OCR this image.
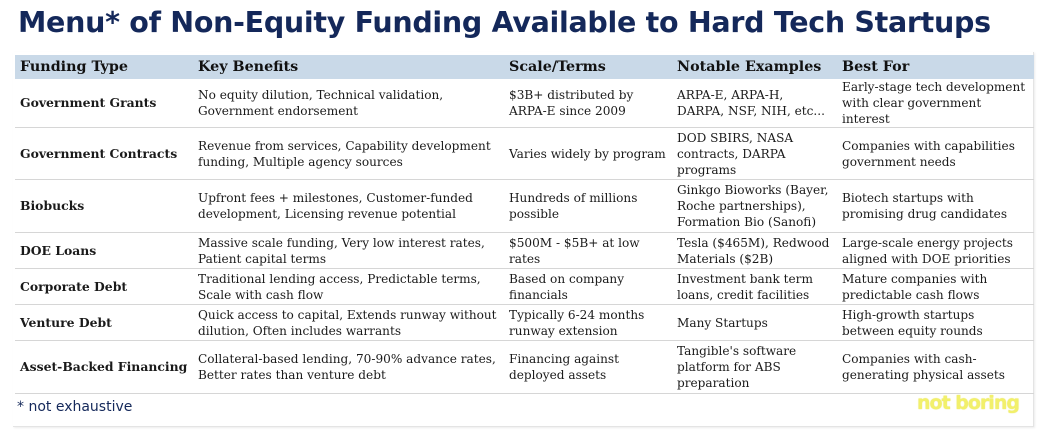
Menu* of Non-Equity Funding Available to Hard Tech Startups
Funding Type	Key Benefits	Scale/Terms	Notable Examples	Best For
Government Grants	No equity dilution, Technical validation, Government endorsement	$3B+ distributed by ARPA-E since 2009	ARPA-E, ARPA-H, DARPA, NSF, NIH, etc...	Early-stage tech development with clear government interest
Government Contracts	Revenue from services, Capability development funding, Multiple agency sources	Varies widely by program	DOD SBIRS, NASA contracts, DARPA programs	Companies with capabilities government needs
Biobucks	Upfront fees + milestones, Customer-funded development, Licensing revenue potential	Hundreds of millions possible	Ginkgo Bioworks (Bayer, Roche partnerships), Formation Bio (Sanofi)	Biotech startups with promising drug candidates
DOE Loans	Massive scale funding, Very low interest rates, Patient capital terms	$500M - $5B+ at low rates	Tesla ($465M), Redwood Materials ($2B)	Large-scale energy projects aligned with DOE priorities
Corporate Debt	Traditional lending access, Predictable terms, Scale with cash flow	Based on company financials	Investment bank term loans, credit facilities	Mature companies with predictable cash flows
Venture Debt	Quick access to capital, Extends runway without dilution, Often includes warrants	Typically 6-24 months runway extension	Many Startups	High-growth startups between equity rounds
Asset-Backed Financing	Collateral-based lending, 70-90% advance rates, Better rates than venture debt	Financing against deployed assets	Tangible's software platform for ABS preparation	Companies with cash-generating physical assets
* not exhaustive	not boring
